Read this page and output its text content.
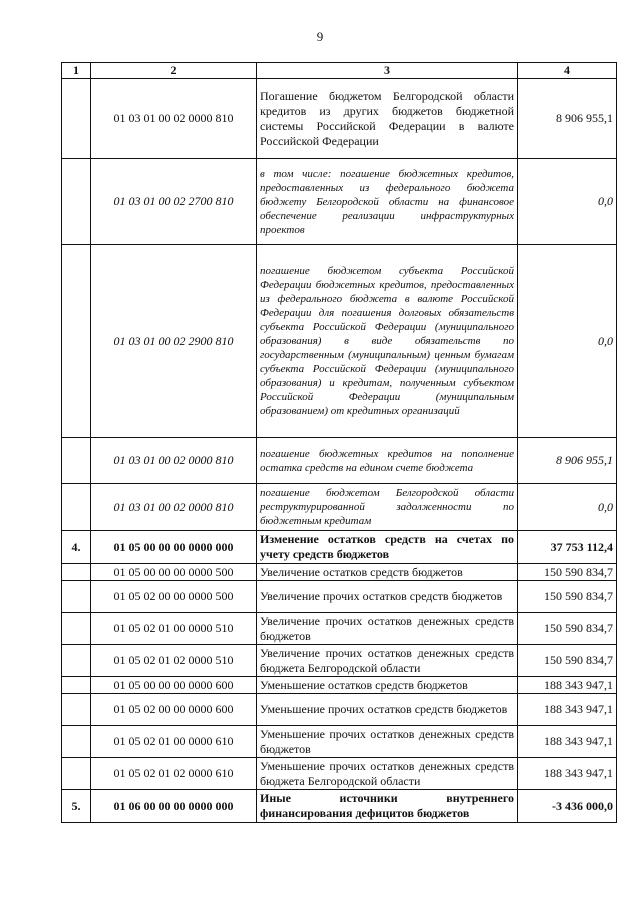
9
1	2	3	4
	01 03 01 00 02 0000 810	Погашение бюджетом Белгородской области кредитов из других бюджетов бюджетной системы Российской Федерации в валюте Российской Федерации	8 906 955,1
	01 03 01 00 02 2700 810	в том числе: погашение бюджетных кредитов, предоставленных из федерального бюджета бюджету Белгородской области на финансовое обеспечение реализации инфраструктурных проектов	0,0
	01 03 01 00 02 2900 810	погашение бюджетом субъекта Российской Федерации бюджетных кредитов, предоставленных из федерального бюджета в валюте Российской Федерации для погашения долговых обязательств субъекта Российской Федерации (муниципального образования) в виде обязательств по государственным (муниципальным) ценным бумагам субъекта Российской Федерации (муниципального образования) и кредитам, полученным субъектом Российской Федерации (муниципальным образованием) от кредитных организаций	0,0
	01 03 01 00 02 0000 810	погашение бюджетных кредитов на пополнение остатка средств на едином счете бюджета	8 906 955,1
	01 03 01 00 02 0000 810	погашение бюджетом Белгородской области реструктурированной задолженности по бюджетным кредитам	0,0
4.	01 05 00 00 00 0000 000	Изменение остатков средств на счетах по учету средств бюджетов	37 753 112,4
	01 05 00 00 00 0000 500	Увеличение остатков средств бюджетов	150 590 834,7
	01 05 02 00 00 0000 500	Увеличение прочих остатков средств бюджетов	150 590 834,7
	01 05 02 01 00 0000 510	Увеличение прочих остатков денежных средств бюджетов	150 590 834,7
	01 05 02 01 02 0000 510	Увеличение прочих остатков денежных средств бюджета Белгородской области	150 590 834,7
	01 05 00 00 00 0000 600	Уменьшение остатков средств бюджетов	188 343 947,1
	01 05 02 00 00 0000 600	Уменьшение прочих остатков средств бюджетов	188 343 947,1
	01 05 02 01 00 0000 610	Уменьшение прочих остатков денежных средств бюджетов	188 343 947,1
	01 05 02 01 02 0000 610	Уменьшение прочих остатков денежных средств бюджета Белгородской области	188 343 947,1
5.	01 06 00 00 00 0000 000	Иные источники внутреннего финансирования дефицитов бюджетов	-3 436 000,0
